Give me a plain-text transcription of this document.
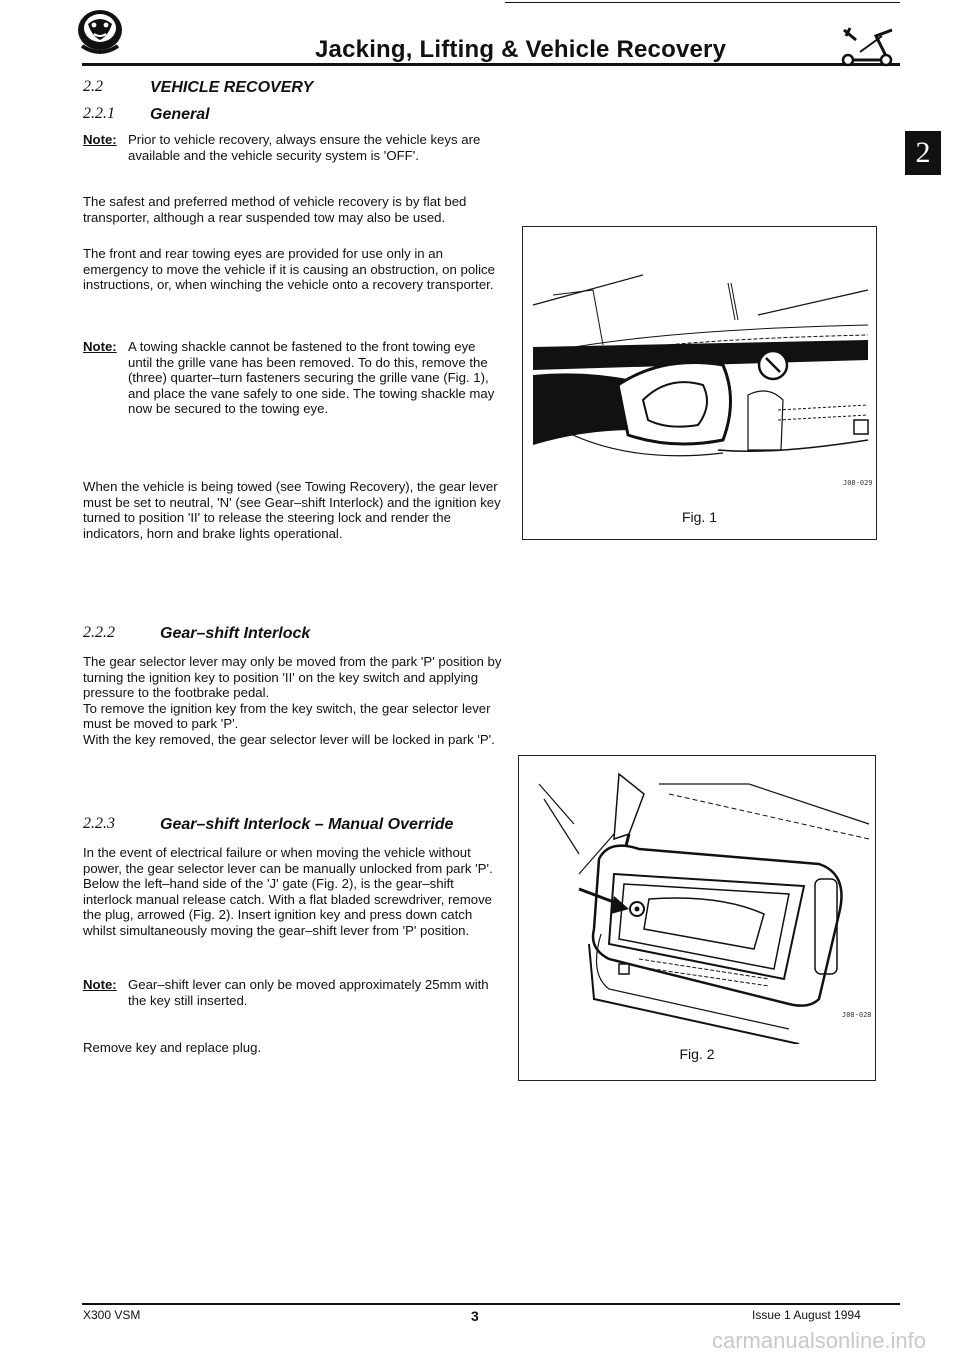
Jacking, Lifting & Vehicle Recovery
2
2.2	VEHICLE RECOVERY
2.2.1 General
Note: Prior to vehicle recovery, always ensure the vehicle keys are available and the vehicle security system is 'OFF'.

The safest and preferred method of vehicle recovery is by flat bed transporter, although a rear suspended tow may also be used.
The front and rear towing eyes are provided for use only in an emergency to move the vehicle if it is causing an obstruction, on police instructions, or, when winching the vehicle onto a recovery transporter.
Note: A towing shackle cannot be fastened to the front towing eye until the grille vane has been removed. To do this, remove the (three) quarter–turn fasteners securing the grille vane (Fig. 1), and place the vane safely to one side. The towing shackle may now be secured to the towing eye.

When the vehicle is being towed (see Towing Recovery), the gear lever must be set to neutral, 'N' (see Gear–shift Interlock) and the ignition key turned to position 'II' to release the steering lock and render the indicators, horn and brake lights operational.
2.2.2	Gear–shift Interlock

The gear selector lever may only be moved from the park 'P' position by turning the ignition key to position 'II' on the key switch and applying pressure to the footbrake pedal.

To remove the ignition key from the key switch, the gear selector lever must be moved to park 'P'.

With the key removed, the gear selector lever will be locked in park 'P'.

2.2.3	Gear–shift Interlock – Manual Override

In the event of electrical failure or when moving the vehicle without power, the gear selector lever can be manually unlocked from park 'P'.

Below the left–hand side of the 'J' gate (Fig. 2), is the gear–shift interlock manual release catch. With a flat bladed screwdriver, remove the plug, arrowed (Fig. 2). Insert ignition key and press down catch whilst simultaneously moving the gear–shift lever from 'P' position.

Note: Gear–shift lever can only be moved approximately 25mm with the key still inserted.

Remove key and replace plug.
J08-029
Fig. 1
J08-028
Fig. 2
X300 VSM	3	Issue 1 August 1994
carmanualsonline.info
